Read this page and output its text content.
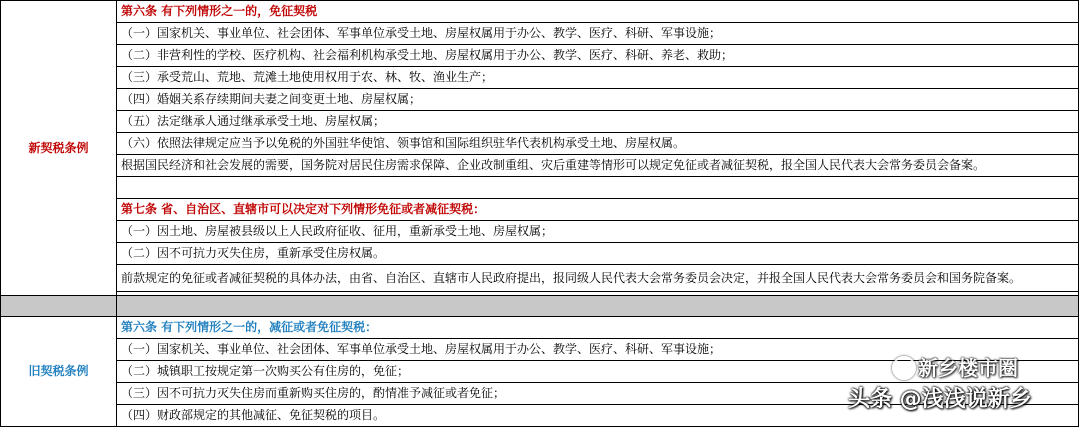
新契税条例	第六条 有下列情形之一的，免征契税
	（一）国家机关、事业单位、社会团体、军事单位承受土地、房屋权属用于办公、教学、医疗、科研、军事设施；
	（二）非营利性的学校、医疗机构、社会福利机构承受土地、房屋权属用于办公、教学、医疗、科研、养老、救助；
	（三）承受荒山、荒地、荒滩土地使用权用于农、林、牧、渔业生产；
	（四）婚姻关系存续期间夫妻之间变更土地、房屋权属；
	（五）法定继承人通过继承承受土地、房屋权属；
	（六）依照法律规定应当予以免税的外国驻华使馆、领事馆和国际组织驻华代表机构承受土地、房屋权属。
	根据国民经济和社会发展的需要，国务院对居民住房需求保障、企业改制重组、灾后重建等情形可以规定免征或者减征契税，报全国人民代表大会常务委员会备案。

	第七条 省、自治区、直辖市可以决定对下列情形免征或者减征契税：
	（一）因土地、房屋被县级以上人民政府征收、征用，重新承受土地、房屋权属；
	（二）因不可抗力灭失住房，重新承受住房权属。
	前款规定的免征或者减征契税的具体办法，由省、自治区、直辖市人民政府提出，报同级人民代表大会常务委员会决定，并报全国人民代表大会常务委员会和国务院备案。

旧契税条例	第六条 有下列情形之一的，减征或者免征契税：
	（一）国家机关、事业单位、社会团体、军事单位承受土地、房屋权属用于办公、教学、医疗、科研、军事设施；
	（二）城镇职工按规定第一次购买公有住房的，免征；
	（三）因不可抗力灭失住房而重新购买住房的，酌情准予减征或者免征；
	（四）财政部规定的其他减征、免征契税的项目。
新乡楼市圈
头条 @浅浅说新乡
